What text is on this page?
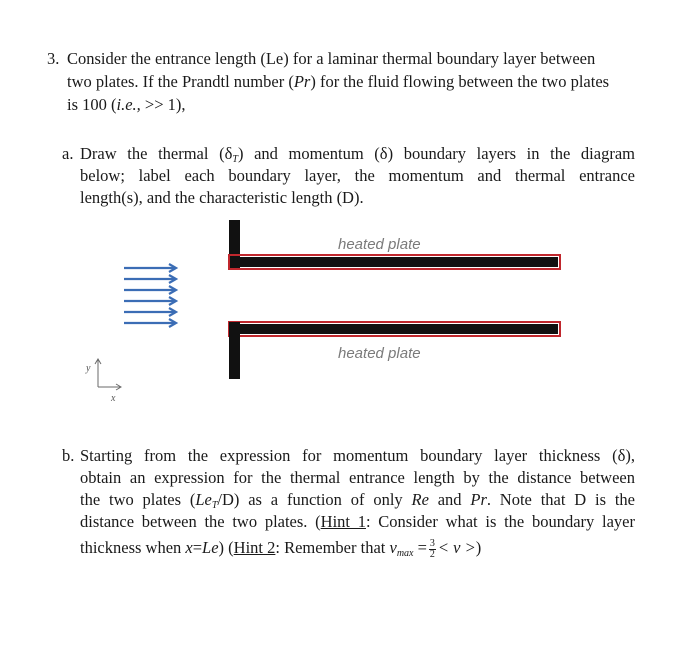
3. Consider the entrance length (Le) for a laminar thermal boundary layer between
two plates. If the Prandtl number (Pr) for the fluid flowing between the two plates
is 100 (i.e., >> 1),
a. Draw the thermal $(\delta_T)$ and momentum (δ) boundary layers in the diagram
below; label each boundary layer, the momentum and thermal entrance
length(s), and the characteristic length (D).
heated plate
heated plate
y
x
b. Starting from the expression for momentum boundary layer thickness (δ),
obtain an expression for the thermal entrance length by the distance between
the two plates $(Le_T/D)$ as a function of only Re and Pr. Note that D is the
distance between the two plates. (Hint 1: Consider what is the boundary layer
thickness when x=Le) (Hint 2: Remember that $v_{max} = \frac{3}{2} < v$ >)
